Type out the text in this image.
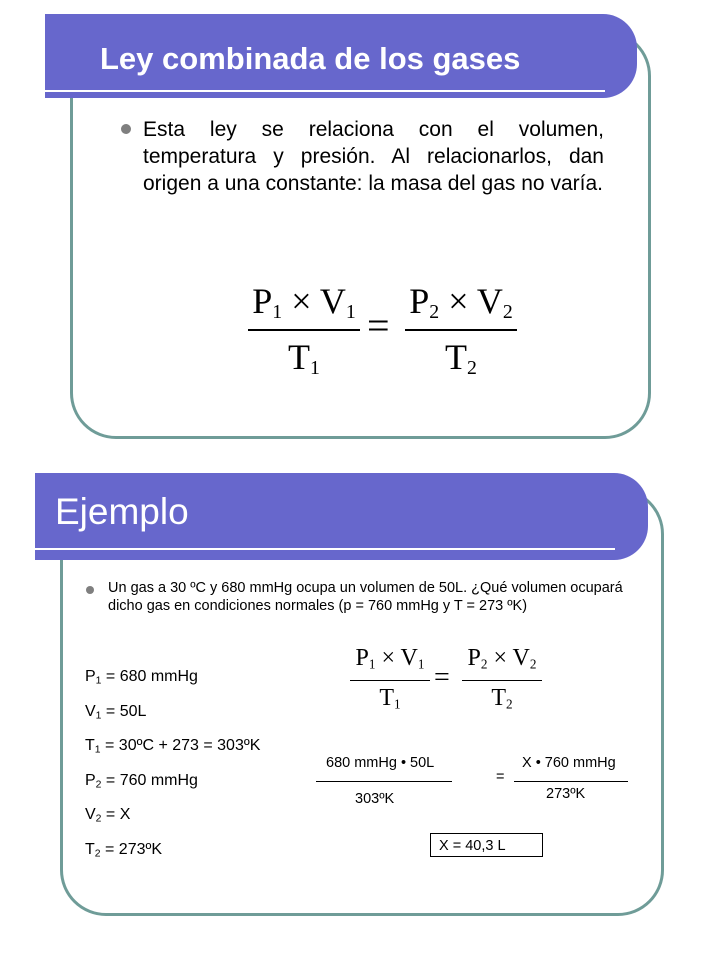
Ley combinada de los gases
Esta ley se relaciona con el volumen, temperatura y presión. Al relacionarlos, dan origen a una constante: la masa del gas no varía.
$P_1 \times V_1$
$T_1$
=
$P_2 \times V_2$
$T_2$
Ejemplo
Un gas a 30 ºC y 680 mmHg ocupa un volumen de 50L. ¿Qué volumen ocupará dicho gas en condiciones normales (p = 760 mmHg y T = 273 ºK)
$P_1 = 680$ mmHg
$V_1 = 50L$
$T_1$ = 30ºC + 273 = 303ºK
$P_2 = 760$ mmHg
$V_2 = X$
$T_2$ = 273ºK
$P_1 \times V_1$
$T_1$
=
$P_2 \times V_2$
$T_2$
680 mmHg • 50L
303ºK
=
X • 760 mmHg
273ºK
X = 40,3 L
